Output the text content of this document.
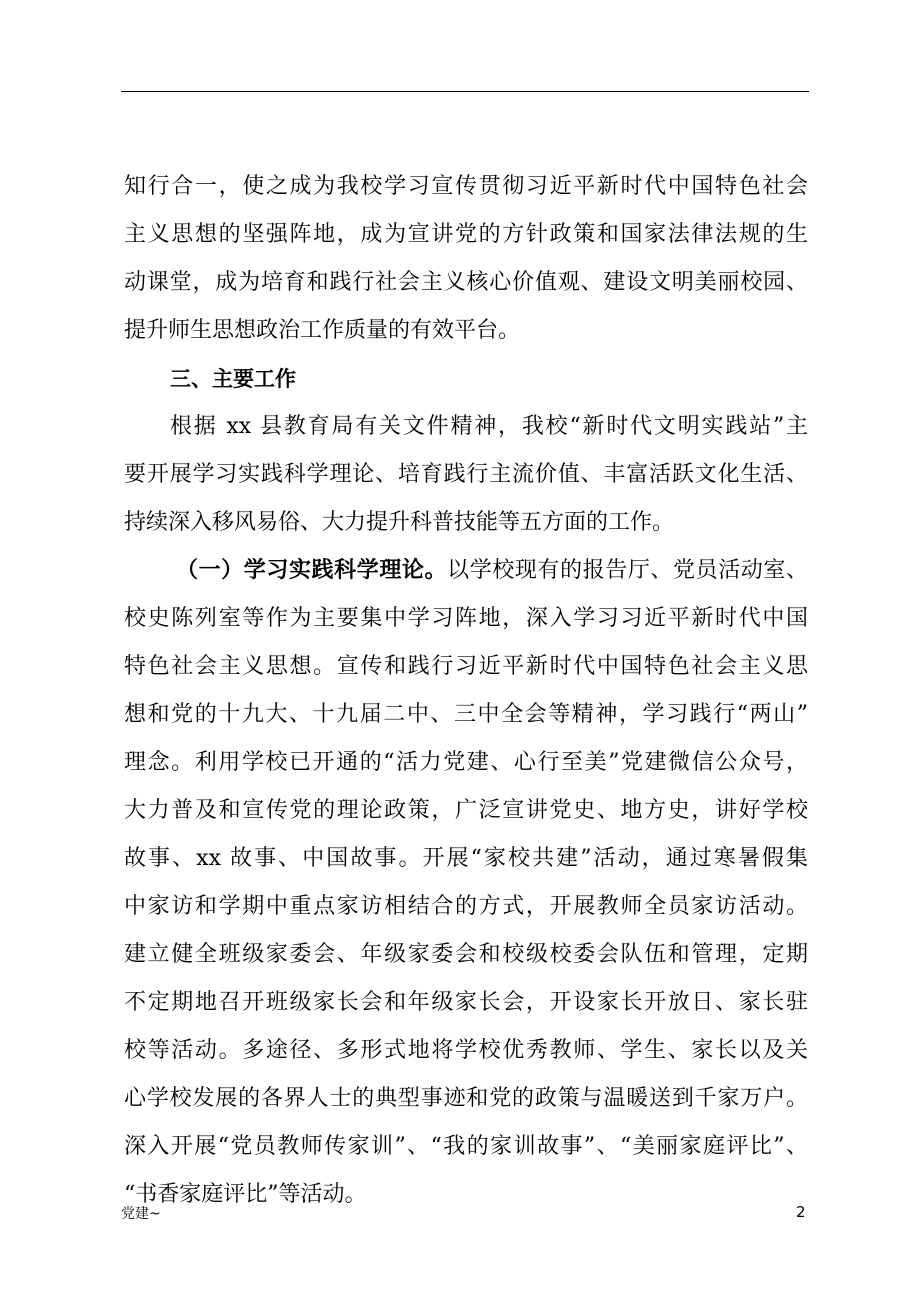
知行合一，使之成为我校学习宣传贯彻习近平新时代中国特色社会
主义思想的坚强阵地，成为宣讲党的方针政策和国家法律法规的生
动课堂，成为培育和践行社会主义核心价值观、建设文明美丽校园、
提升师生思想政治工作质量的有效平台。
三、主要工作
根据 xx 县教育局有关文件精神，我校“新时代文明实践站”主
要开展学习实践科学理论、培育践行主流价值、丰富活跃文化生活、
持续深入移风易俗、大力提升科普技能等五方面的工作。
（一）学习实践科学理论。以学校现有的报告厅、党员活动室、
校史陈列室等作为主要集中学习阵地，深入学习习近平新时代中国
特色社会主义思想。宣传和践行习近平新时代中国特色社会主义思
想和党的十九大、十九届二中、三中全会等精神，学习践行“两山”
理念。利用学校已开通的“活力党建、心行至美”党建微信公众号，
大力普及和宣传党的理论政策，广泛宣讲党史、地方史，讲好学校
故事、xx 故事、中国故事。开展“家校共建”活动，通过寒暑假集
中家访和学期中重点家访相结合的方式，开展教师全员家访活动。
建立健全班级家委会、年级家委会和校级校委会队伍和管理，定期
不定期地召开班级家长会和年级家长会，开设家长开放日、家长驻
校等活动。多途径、多形式地将学校优秀教师、学生、家长以及关
心学校发展的各界人士的典型事迹和党的政策与温暖送到千家万户。
深入开展“党员教师传家训”、“我的家训故事”、“美丽家庭评比”、
“书香家庭评比”等活动。
党建~	2
